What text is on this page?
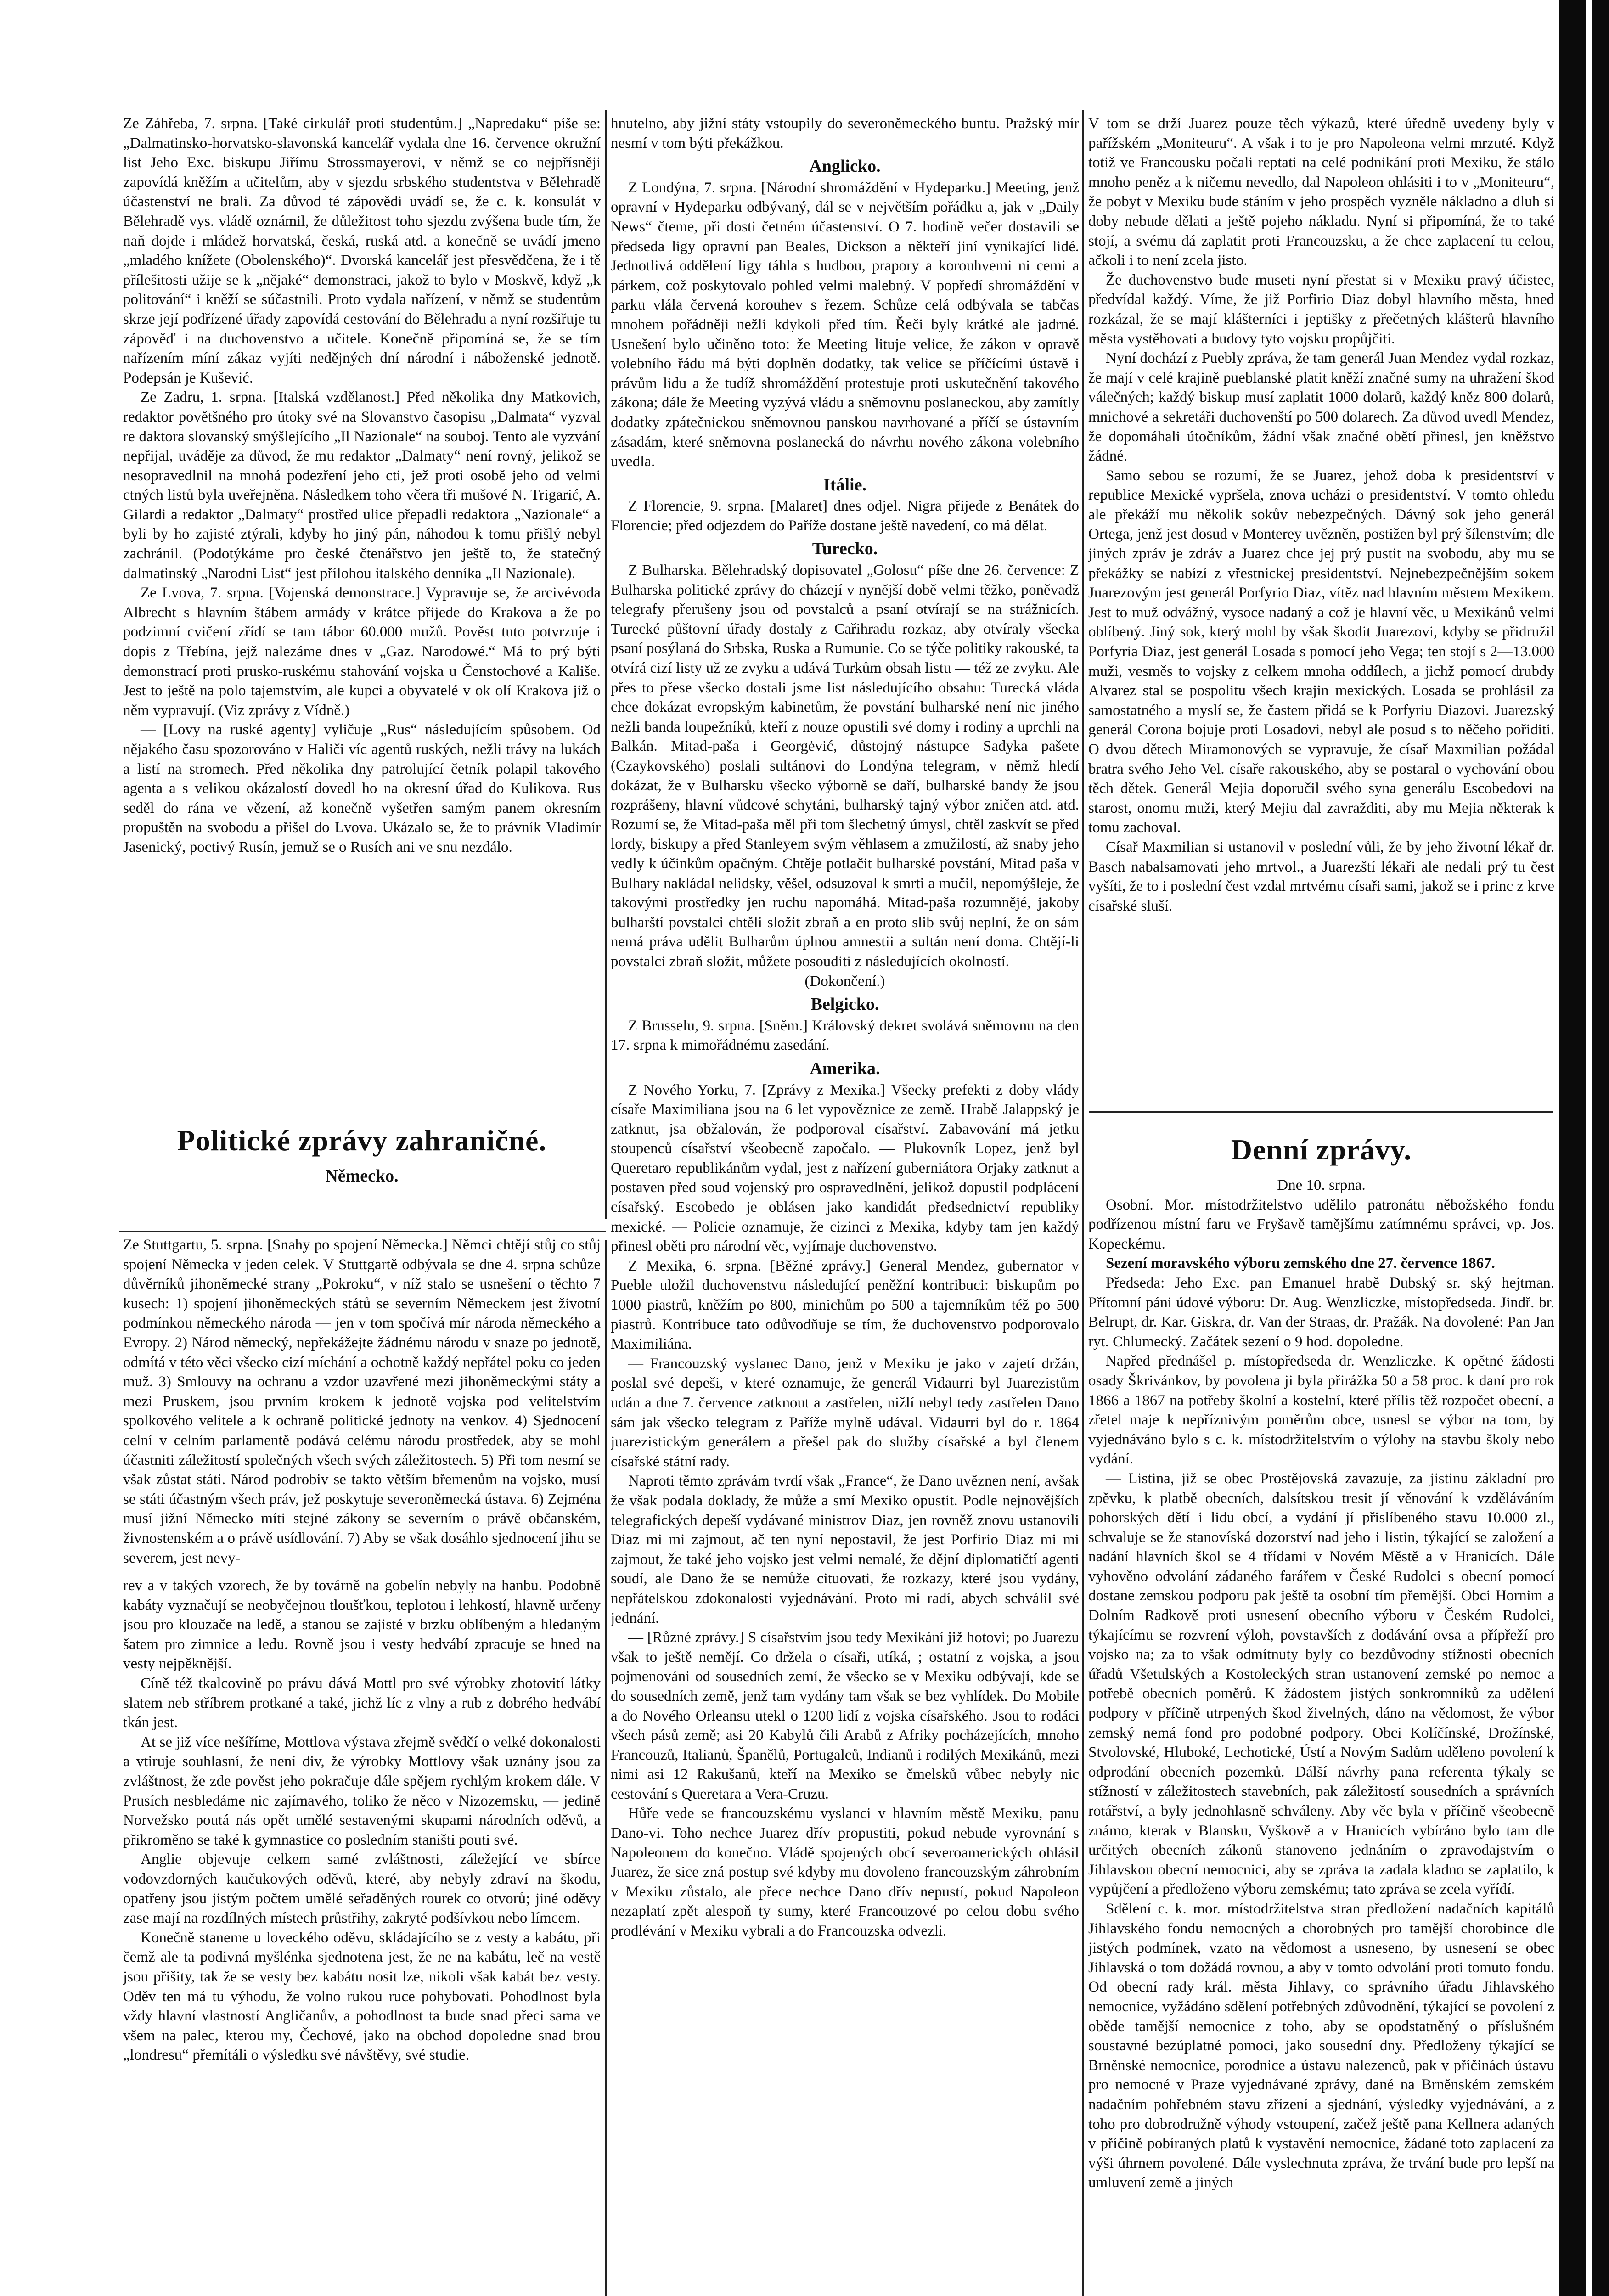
Ze Záhřeba, 7. srpna. [Také cirkulář proti studentům.] „Napredaku“ píše se: „Dalmatinsko-horvatsko-slavonská kancelář vydala dne 16. července okružní list Jeho Exc. biskupu Jiřímu Strossmayerovi, v němž se co nejpřísněji zapovídá kněžím a učitelům, aby v sjezdu srbského studentstva v Bělehradě účastenství ne brali. Za důvod té zápovědi uvádí se, že c. k. konsulát v Bělehradě vys. vládě oznámil, že důležitost toho sjezdu zvýšena bude tím, že naň dojde i mládež horvatská, česká, ruská atd. a konečně se uvádí jmeno „mladého knížete (Obolenského)“. Dvorská kancelář jest přesvědčena, že i tě přílešitosti užije se k „nějaké“ demonstraci, jakož to bylo v Moskvě, když „k politování“ i kněží se súčastnili. Proto vydala nařízení, v němž se studentům skrze její podřízené úřady zapovídá cestování do Bělehradu a nyní rozšiřuje tu zápověď i na duchovenstvo a učitele. Konečně připomíná se, že se tím nařízením míní zákaz vyjíti nedějných dní národní i náboženské jednotě. Podepsán je Kušević.

Ze Zadru, 1. srpna. [Italská vzdělanost.] Před několika dny Matkovich, redaktor povětšného pro útoky své na Slovanstvo časopisu „Dalmata“ vyzval re daktora slovanský smýšlejícího „Il Nazionale“ na souboj. Tento ale vyzvání nepřijal, uváděje za důvod, že mu redaktor „Dalmaty“ není rovný, jelikož se nesopravedlnil na mnohá podezření jeho cti, jež proti osobě jeho od velmi ctných listů byla uveřejněna. Následkem toho včera tři mušové N. Trigarić, A. Gilardi a redaktor „Dalmaty“ prostřed ulice přepadli redaktora „Nazionale“ a byli by ho zajisté ztýrali, kdyby ho jiný pán, náhodou k tomu přišlý nebyl zachránil. (Podotýkáme pro české čtenářstvo jen ještě to, že statečný dalmatinský „Narodni List“ jest přílohou italského denníka „Il Nazionale).

Ze Lvova, 7. srpna. [Vojenská demonstrace.] Vypravuje se, že arcivévoda Albrecht s hlavním štábem armády v krátce přijede do Krakova a že po podzimní cvičení zřídí se tam tábor 60.000 mužů. Pověst tuto potvrzuje i dopis z Třebína, jejž nalezáme dnes v „Gaz. Narodowé.“ Má to prý býti demonstrací proti prusko-ruskému stahování vojska u Čenstochové a Kališe. Jest to ještě na polo tajemstvím, ale kupci a obyvatelé v ok olí Krakova již o něm vypravují. (Viz zprávy z Vídně.)

— [Lovy na ruské agenty] vyličuje „Rus“ následujícím spůsobem. Od nějakého času spozorováno v Haliči víc agentů ruských, nežli trávy na lukách a listí na stromech. Před několika dny patrolující četník polapil takového agenta a s velikou okázalostí dovedl ho na okresní úřad do Kulikova. Rus seděl do rána ve vězení, až konečně vyšetřen samým panem okresním propuštěn na svobodu a přišel do Lvova. Ukázalo se, že to právník Vladimír Jasenický, poctivý Rusín, jemuž se o Rusích ani ve snu nezdálo.

Politické zprávy zahraničné.
Německo.

Ze Stuttgartu, 5. srpna. [Snahy po spojení Německa.] Němci chtějí stůj co stůj spojení Německa v jeden celek. V Stuttgartě odbývala se dne 4. srpna schůze důvěrníků jihoněmecké strany „Pokroku“, v níž stalo se usnešení o těchto 7 kusech: 1) spojení jihoněmeckých států se severním Německem jest životní podmínkou německého národa — jen v tom spočívá mír národa německého a Evropy. 2) Národ německý, nepřekážejte žádnému národu v snaze po jednotě, odmítá v této věci všecko cizí míchání a ochotně každý nepřátel poku co jeden muž. 3) Smlouvy na ochranu a vzdor uzavřené mezi jihoněmeckými státy a mezi Pruskem, jsou prvním krokem k jednotě vojska pod velitelstvím spolkového velitele a k ochraně politické jednoty na venkov. 4) Sjednocení celní v celním parlamentě podává celému národu prostředek, aby se mohl účastniti záležitostí společných všech svých záležitostech. 5) Při tom nesmí se však zůstat státi. Národ podrobiv se takto větším břemenům na vojsko, musí se státi účastným všech práv, jež poskytuje severoněmecká ústava. 6) Zejména musí jižní Německo míti stejné zákony se severním o právě občanském, živnostenském a o právě usídlování. 7) Aby se však dosáhlo sjednocení jihu se severem, jest nevy-

rev a v takých vzorech, že by továrně na gobelín nebyly na hanbu. Podobně kabáty vyznačují se neobyčejnou tloušťkou, teplotou i lehkostí, hlavně určeny jsou pro klouzače na ledě, a stanou se zajisté v brzku oblíbeným a hledaným šatem pro zimnice a ledu. Rovně jsou i vesty hedvábí zpracuje se hned na vesty nejpěknější.

Cíně též tkalcovině po právu dává Mottl pro své výrobky zhotovití látky slatem neb stříbrem protkané a také, jichž líc z vlny a rub z dobrého hedvábí tkán jest.

At se již více nešíříme, Mottlova výstava zřejmě svědčí o velké dokonalosti a vtiruje souhlasní, že není div, že výrobky Mottlovy však uznány jsou za zvláštnost, že zde pověst jeho pokračuje dále spějem rychlým krokem dále. V Prusích nesbledáme nic zajímavého, toliko že něco v Nizozemsku, — jedině Norvežsko poutá nás opět umělé sestavenými skupami národních oděvů, a přikroměno se také k gymnastice co posledním staništi pouti své.

Anglie objevuje celkem samé zvláštnosti, záležející ve sbírce vodovzdorných kaučukových oděvů, které, aby nebyly zdraví na škodu, opatřeny jsou jistým počtem umělé seřaděných rourek co otvorů; jiné oděvy zase mají na rozdílných místech průstřihy, zakryté podšívkou nebo límcem.

Konečně staneme u loveckého oděvu, skládajícího se z vesty a kabátu, při čemž ale ta podivná myšlénka sjednotena jest, že ne na kabátu, leč na vestě jsou přišity, tak že se vesty bez kabátu nosit lze, nikoli však kabát bez vesty. Oděv ten má tu výhodu, že volno rukou ruce pohybovati. Pohodlnost byla vždy hlavní vlastností Angličanův, a pohodlnost ta bude snad přeci sama ve všem na palec, kterou my, Čechové, jako na obchod dopoledne snad brou „londresu“ přemítáli o výsledku své návštěvy, své studie.

hnutelno, aby jižní státy vstoupily do severoněmeckého buntu. Pražský mír nesmí v tom býti překážkou.

Anglicko.

Z Londýna, 7. srpna. [Národní shromáždění v Hydeparku.] Meeting, jenž opravní v Hydeparku odbývaný, dál se v největším pořádku a, jak v „Daily News“ čteme, při dosti četném účastenství. O 7. hodině večer dostavili se předseda ligy opravní pan Beales, Dickson a někteří jiní vynikající lidé. Jednotlivá oddělení ligy táhla s hudbou, prapory a korouhvemi ni cemi a párkem, což poskytovalo pohled velmi malebný. V popředí shromáždění v parku vlála červená korouhev s řezem. Schůze celá odbývala se tabčas mnohem pořádněji nežli kdykoli před tím. Řeči byly krátké ale jadrné. Usnešení bylo učiněno toto: že Meeting lituje velice, že zákon v opravě volebního řádu má býti doplněn dodatky, tak velice se příčícími ústavě i právům lidu a že tudíž shromáždění protestuje proti uskutečnění takového zákona; dále že Meeting vyzývá vládu a sněmovnu poslaneckou, aby zamítly dodatky zpátečnickou sněmovnou panskou navrhované a příčí se ústavním zásadám, které sněmovna poslanecká do návrhu nového zákona volebního uvedla.

Itálie.

Z Florencie, 9. srpna. [Malaret] dnes odjel. Nigra přijede z Benátek do Florencie; před odjezdem do Paříže dostane ještě navedení, co má dělat.

Turecko.

Z Bulharska. Bělehradský dopisovatel „Golosu“ píše dne 26. července: Z Bulharska politické zprávy do cházejí v nynější době velmi těžko, poněvadž telegrafy přerušeny jsou od povstalců a psaní otvírají se na strážnicích. Turecké půštovní úřady dostaly z Cařihradu rozkaz, aby otvíraly všecka psaní posýlaná do Srbska, Ruska a Rumunie. Co se týče politiky rakouské, ta otvírá cizí listy už ze zvyku a udává Turkům obsah listu — též ze zvyku. Ale přes to přese všecko dostali jsme list následujícího obsahu: Turecká vláda chce dokázat evropským kabinetům, že povstání bulharské není nic jiného nežli banda loupežníků, kteří z nouze opustili své domy i rodiny a uprchli na Balkán. Mitad-paša i Georgėvić, důstojný nástupce Sadyka pašete (Czaykovského) poslali sultánovi do Londýna telegram, v němž hledí dokázat, že v Bulharsku všecko výborně se daří, bulharské bandy že jsou rozprášeny, hlavní vůdcové schytáni, bulharský tajný výbor zničen atd. atd. Rozumí se, že Mitad-paša měl při tom šlechetný úmysl, chtěl zaskvít se před lordy, biskupy a před Stanleyem svým věhlasem a zmužilostí, až snaby jeho vedly k účinkům opačným. Chtěje potlačit bulharské povstání, Mitad paša v Bulhary nakládal nelidsky, věšel, odsuzoval k smrti a mučil, nepomýšleje, že takovými prostředky jen ruchu napomáhá. Mitad-paša rozumnějé, jakoby bulharští povstalci chtěli složit zbraň a en proto slib svůj neplní, že on sám nemá práva udělit Bulharům úplnou amnestii a sultán není doma. Chtějí-li povstalci zbraň složit, můžete posouditi z následujících okolností.

(Dokončení.)
Belgicko.

Z Brusselu, 9. srpna. [Sněm.] Královský dekret svolává sněmovnu na den 17. srpna k mimořádnému zasedání.

Amerika.

Z Nového Yorku, 7. [Zprávy z Mexika.] Všecky prefekti z doby vlády císaře Maximiliana jsou na 6 let vypověznice ze země. Hrabě Jalappský je zatknut, jsa obžalován, že podporoval císařství. Zabavování má jetku stoupenců císařství všeobecně započalo. — Plukovník Lopez, jenž byl Queretaro republikánům vydal, jest z nařízení guberniátora Orjaky zatknut a postaven před soud vojenský pro ospravedlnění, jelikož dopustil podplácení císařský. Escobedo je oblásen jako kandidát předsednictví republiky mexické. — Policie oznamuje, že cizinci z Mexika, kdyby tam jen každý přinesl oběti pro národní věc, vyjímaje duchovenstvo.

Z Mexika, 6. srpna. [Běžné zprávy.] General Mendez, gubernator v Pueble uložil duchovenstvu následující peněžní kontribuci: biskupům po 1000 piastrů, kněžím po 800, minichům po 500 a tajemníkům též po 500 piastrů. Kontribuce tato odůvodňuje se tím, že duchovenstvo podporovalo Maximiliána. —

— Francouzský vyslanec Dano, jenž v Mexiku je jako v zajetí držán, poslal své depeši, v které oznamuje, že generál Vidaurri byl Juarezistům udán a dne 7. července zatknout a zastřelen, nižlí nebyl tedy zastřelen Dano sám jak všecko telegram z Paříže mylně udával. Vidaurri byl do r. 1864 juarezistickým generálem a přešel pak do služby císařské a byl členem císařské státní rady.

Naproti těmto zprávám tvrdí však „France“, že Dano uvěznen není, avšak že však podala doklady, že může a smí Mexiko opustit. Podle nejnovějších telegrafických depeší vydávané ministrov Diaz, jen rovněž znovu ustanovili Diaz mi mi zajmout, ač ten nyní nepostavil, že jest Porfirio Diaz mi mi zajmout, že také jeho vojsko jest velmi nemalé, že dějní diplomatičtí agenti soudí, ale Dano že se nemůže cituovati, že rozkazy, které jsou vydány, nepřátelskou zdokonalosti vyjednávání. Proto mi radí, abych schválil své jednání.

— [Různé zprávy.] S císařstvím jsou tedy Mexikání již hotovi; po Juarezu však to ještě nemějí. Co držela o císaři, utíká, ; ostatní z vojska, a jsou pojmenováni od sousedních zemí, že všecko se v Mexiku odbývají, kde se do sousedních země, jenž tam vydány tam však se bez vyhlídek. Do Mobile a do Nového Orleansu utekl o 1200 lidí z vojska císařského. Jsou to rodáci všech pásů země; asi 20 Kabylů čili Arabů z Afriky pocházejících, mnoho Francouzů, Italianů, Španělů, Portugalců, Indianů i rodilých Mexikánů, mezi nimi asi 12 Rakušanů, kteří na Mexiko se čmelsků vůbec nebyly nic cestování s Queretara a Vera-Cruzu.

Hůře vede se francouzskému vyslanci v hlavním městě Mexiku, panu Dano-vi. Toho nechce Juarez dřív propustiti, pokud nebude vyrovnání s Napoleonem do konečno. Vládě spojených obcí severoamerických ohlásil Juarez, že sice zná postup své kdyby mu dovoleno francouzským záhrobním v Mexiku zůstalo, ale přece nechce Dano dřív nepustí, pokud Napoleon nezaplatí zpět alespoň ty sumy, které Francouzové po celou dobu svého prodlévání v Mexiku vybrali a do Francouzska odvezli.

V tom se drží Juarez pouze těch výkazů, které úředně uvedeny byly v pařížském „Moniteuru“. A však i to je pro Napoleona velmi mrzuté. Když totiž ve Francousku počali reptati na celé podnikání proti Mexiku, že stálo mnoho peněz a k ničemu nevedlo, dal Napoleon ohlásiti i to v „Moniteuru“, že pobyt v Mexiku bude stáním v jeho prospěch vyzněle nákladno a dluh si doby nebude dělati a ještě pojeho nákladu. Nyní si připomíná, že to také stojí, a svému dá zaplatit proti Francouzsku, a že chce zaplacení tu celou, ačkoli i to není zcela jisto.

Že duchovenstvo bude museti nyní přestat si v Mexiku pravý účistec, předvídal každý. Víme, že již Porfirio Diaz dobyl hlavního města, hned rozkázal, že se mají klášterníci i jeptišky z přečetných klášterů hlavního města vystěhovati a budovy tyto vojsku propůjčiti.

Nyní dochází z Puebly zpráva, že tam generál Juan Mendez vydal rozkaz, že mají v celé krajině pueblanské platit kněží značné sumy na uhražení škod válečných; každý biskup musí zaplatit 1000 dolarů, každý kněz 800 dolarů, mnichové a sekretáři duchovenští po 500 dolarech. Za důvod uvedl Mendez, že dopomáhali útočníkům, žádní však značné obětí přinesl, jen kněžstvo žádné.

Samo sebou se rozumí, že se Juarez, jehož doba k presidentství v republice Mexické vypršela, znova ucházi o presidentství. V tomto ohledu ale překáží mu několik sokův nebezpečných. Dávný sok jeho generál Ortega, jenž jest dosud v Monterey uvězněn, postižen byl prý šílenstvím; dle jiných zpráv je zdráv a Juarez chce jej prý pustit na svobodu, aby mu se překážky se nabízí z vřestnickej presidentství. Nejnebezpečnějším sokem Juarezovým jest generál Porfyrio Diaz, vítěz nad hlavním městem Mexikem. Jest to muž odvážný, vysoce nadaný a což je hlavní věc, u Mexikánů velmi oblíbený. Jiný sok, který mohl by však škodit Juarezovi, kdyby se přidružil Porfyria Diaz, jest generál Losada s pomocí jeho Vega; ten stojí s 2—13.000 muži, vesměs to vojsky z celkem mnoha oddílech, a jichž pomocí drubdy Alvarez stal se pospolitu všech krajin mexických. Losada se prohlásil za samostatného a myslí se, že častem přidá se k Porfyriu Diazovi. Juarezský generál Corona bojuje proti Losadovi, nebyl ale posud s to něčeho pořiditi. O dvou dětech Miramonových se vypravuje, že císař Maxmilian požádal bratra svého Jeho Vel. císaře rakouského, aby se postaral o vychování obou těch dětek. Generál Mejia doporučil svého syna generálu Escobedovi na starost, onomu muži, který Mejiu dal zavražditi, aby mu Mejia některak k tomu zachoval.

Císař Maxmilian si ustanovil v poslední vůli, že by jeho životní lékař dr. Basch nabalsamovati jeho mrtvol., a Juarezští lékaři ale nedali prý tu čest vyšíti, že to i poslední čest vzdal mrtvému císaři sami, jakož se i princ z krve císařské sluší.

Denní zprávy.
Dne 10. srpna.

Osobní. Mor. místodržitelstvo udělilo patronátu něbožského fondu podřízenou místní faru ve Fryšavě tamějšímu zatímnému správci, vp. Jos. Kopeckému.

Sezení moravského výboru zemského dne 27. července 1867.

Předseda: Jeho Exc. pan Emanuel hrabě Dubský sr. ský hejtman. Přítomní páni údové výboru: Dr. Aug. Wenzliczke, místopředseda. Jindř. br. Belrupt, dr. Kar. Giskra, dr. Van der Straas, dr. Pražák. Na dovolené: Pan Jan ryt. Chlumecký. Začátek sezení o 9 hod. dopoledne.

Napřed přednášel p. místopředseda dr. Wenzliczke. K opětné žádosti osady Škrivánkov, by povolena ji byla přirážka 50 a 58 proc. k daní pro rok 1866 a 1867 na potřeby školní a kostelní, které přílis těž rozpočet obecní, a zřetel maje k nepříznivým poměrům obce, usnesl se výbor na tom, by vyjednáváno bylo s c. k. místodržitelstvím o výlohy na stavbu školy nebo vydání.

— Listina, již se obec Prostějovská zavazuje, za jistinu základní pro zpěvku, k platbě obecních, dalsítskou tresit jí věnování k vzděláváním pohorských dětí i lidu obcí, a vydání jí přislíbeného stavu 10.000 zl., schvaluje se že stanovíská dozorství nad jeho i listin, týkající se založení a nadání hlavních škol se 4 třídami v Novém Městě a v Hranicích. Dále vyhověno odvolání zádaného farářem v České Rudolci s obecní pomocí dostane zemskou podporu pak ještě ta osobní tím přemější. Obci Hornim a Dolním Radkově proti usnesení obecního výboru v Českém Rudolci, týkajícímu se rozvrení výloh, povstavších z dodávání ovsa a přípřeží pro vojsko na; za to však odmítnuty byly co bezdůvodny stížnosti obecních úřadů Všetulských a Kostoleckých stran ustanovení zemské po nemoc a potřebě obecních poměrů. K žádostem jistých sonkromníků za udělení podpory v příčině utrpených škod živelných, dáno na vědomost, že výbor zemský nemá fond pro podobné podpory. Obci Kolíčínské, Drožínské, Stvolovské, Hluboké, Lechotické, Ústí a Novým Sadům uděleno povolení k odprodání obecních pozemků. Dálší návrhy pana referenta týkaly se stížností v záležitostech stavebních, pak záležitostí sousedních a správních rotářství, a byly jednohlasně schváleny. Aby věc byla v příčině všeobecně známo, kterak v Blansku, Vyškově a v Hranicích vybíráno bylo tam dle určitých obecních zákonů stanoveno jednáním o zpravodajstvím o Jihlavskou obecní nemocnici, aby se zpráva ta zadala kladno se zaplatilo, k vypůjčení a předloženo výboru zemskému; tato zpráva se zcela vyřídí.

Sdělení c. k. mor. místodržitelstva stran předložení nadačních kapitálů Jihlavského fondu nemocných a chorobných pro tamější chorobince dle jistých podmínek, vzato na vědomost a usneseno, by usnesení se obec Jihlavská o tom dožádá rovnou, a aby v tomto odvolání proti tomuto fondu. Od obecní rady král. města Jihlavy, co správního úřadu Jihlavského nemocnice, vyžádáno sdělení potřebných zdůvodnění, týkající se povolení z oběde tamější nemocnice z toho, aby se opodstatněný o příslušném soustavné bezúplatné pomoci, jako sousední dny. Předloženy týkající se Brněnské nemocnice, porodnice a ústavu nalezenců, pak v příčinách ústavu pro nemocné v Praze vyjednávané zprávy, dané na Brněnském zemském nadačním pohřebném stavu zřízení a sjednání, výsledky vyjednávání, a z toho pro dobrodružně výhody vstoupení, začež ještě pana Kellnera adaných v příčině pobíraných platů k vystavění nemocnice, žádané toto zaplacení za výši úhrnem povolené. Dále vyslechnuta zpráva, že trvání bude pro lepší na umluvení země a jiných
